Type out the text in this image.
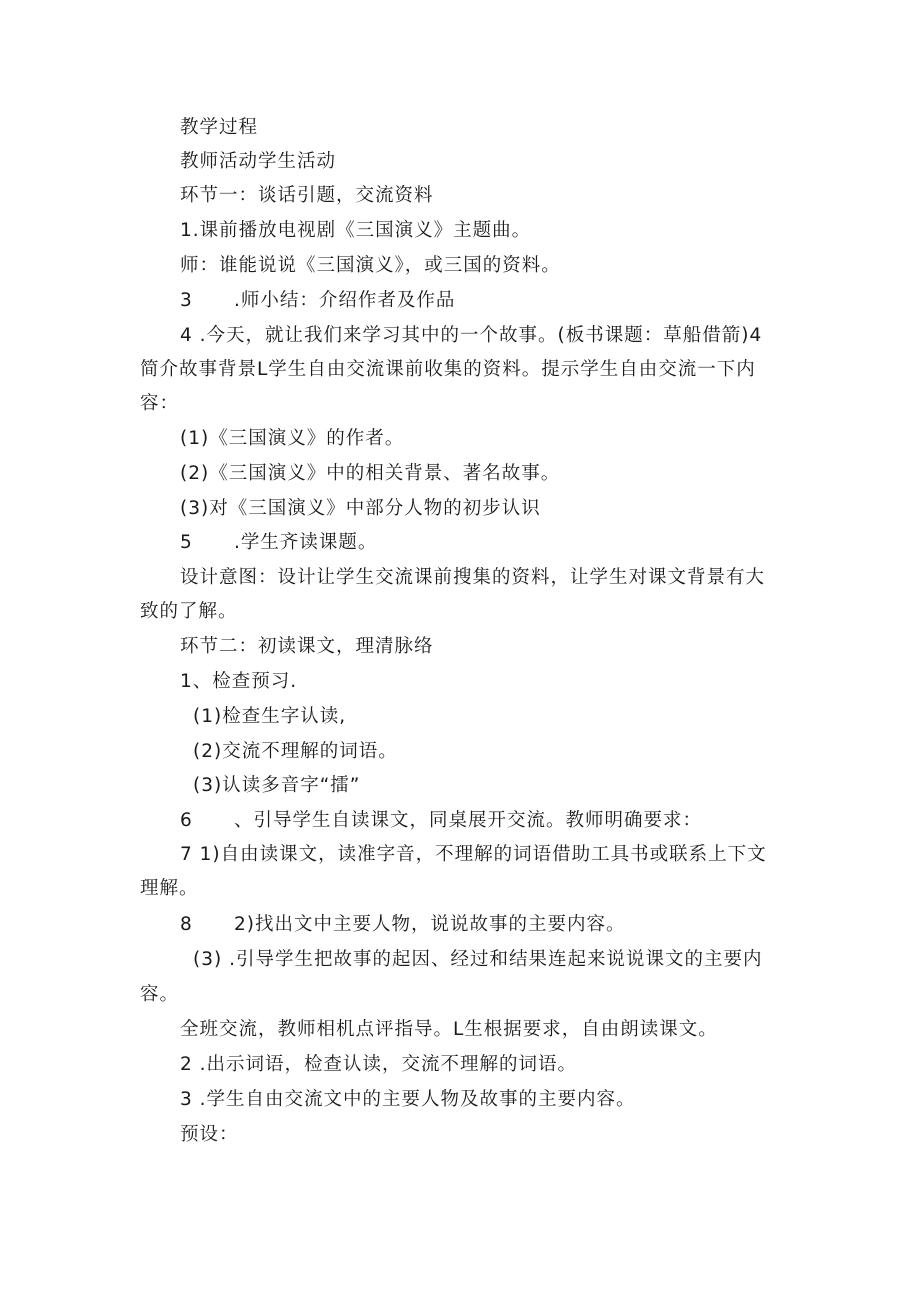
教学过程
教师活动学生活动
环节一：谈话引题，交流资料
1.课前播放电视剧《三国演义》主题曲。
师：谁能说说《三国演义》，或三国的资料。
3 .师小结：介绍作者及作品
4 .今天，就让我们来学习其中的一个故事。(板书课题：草船借箭)4
简介故事背景L学生自由交流课前收集的资料。提示学生自由交流一下内
容：
(1)《三国演义》的作者。
(2)《三国演义》中的相关背景、著名故事。
(3)对《三国演义》中部分人物的初步认识
5 .学生齐读课题。
设计意图：设计让学生交流课前搜集的资料，让学生对课文背景有大
致的了解。
环节二：初读课文，理清脉络
1、检查预习.
(1)检查生字认读,
(2)交流不理解的词语。
(3)认读多音字“擂”
6 、引导学生自读课文，同桌展开交流。教师明确要求：
7 1)自由读课文，读准字音，不理解的词语借助工具书或联系上下文
理解。
8 2)找出文中主要人物，说说故事的主要内容。
(3) .引导学生把故事的起因、经过和结果连起来说说课文的主要内
容。
全班交流，教师相机点评指导。L生根据要求，自由朗读课文。
2 .出示词语，检查认读，交流不理解的词语。
3 .学生自由交流文中的主要人物及故事的主要内容。
预设：
